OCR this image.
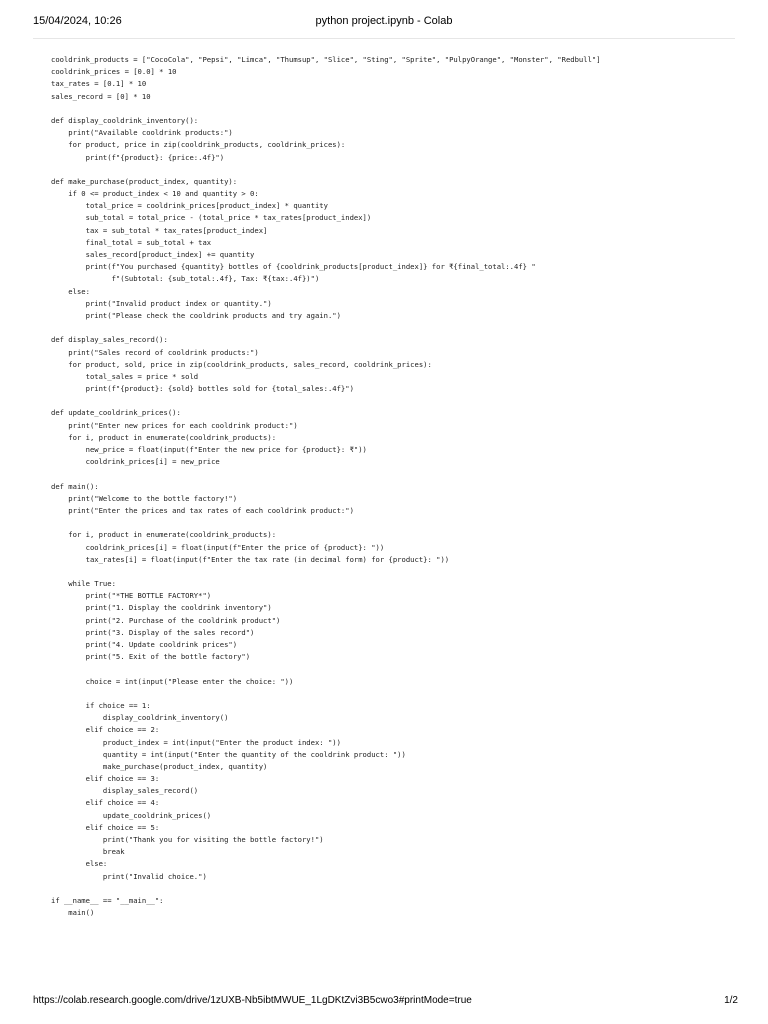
15/04/2024, 10:26	python project.ipynb - Colab
cooldrink_products = ["CocoCola", "Pepsi", "Limca", "Thumsup", "Slice", "Sting", "Sprite", "PulpyOrange", "Monster", "Redbull"]
cooldrink_prices = [0.0] * 10
tax_rates = [0.1] * 10
sales_record = [0] * 10
def display_cooldrink_inventory():
print("Available cooldrink products:")
for product, price in zip(cooldrink_products, cooldrink_prices):
print(f"{product}: {price:.4f}")
def make_purchase(product_index, quantity):
if 0 <= product_index < 10 and quantity > 0:
total_price = cooldrink_prices[product_index] * quantity
sub_total = total_price - (total_price * tax_rates[product_index])
tax = sub_total * tax_rates[product_index]
final_total = sub_total + tax
sales_record[product_index] += quantity
print(f"You purchased {quantity} bottles of {cooldrink_products[product_index]} for ₹{final_total:.4f} "
f"(Subtotal: {sub_total:.4f}, Tax: ₹{tax:.4f})")
else:
print("Invalid product index or quantity.")
print("Please check the cooldrink products and try again.")
def display_sales_record():
print("Sales record of cooldrink products:")
for product, sold, price in zip(cooldrink_products, sales_record, cooldrink_prices):
total_sales = price * sold
print(f"{product}: {sold} bottles sold for {total_sales:.4f}")
def update_cooldrink_prices():
print("Enter new prices for each cooldrink product:")
for i, product in enumerate(cooldrink_products):
new_price = float(input(f"Enter the new price for {product}: ₹"))
cooldrink_prices[i] = new_price
def main():
print("Welcome to the bottle factory!")
print("Enter the prices and tax rates of each cooldrink product:")
for i, product in enumerate(cooldrink_products):
cooldrink_prices[i] = float(input(f"Enter the price of {product}: "))
tax_rates[i] = float(input(f"Enter the tax rate (in decimal form) for {product}: "))
while True:
print("*THE BOTTLE FACTORY*")
print("1. Display the cooldrink inventory")
print("2. Purchase of the cooldrink product")
print("3. Display of the sales record")
print("4. Update cooldrink prices")
print("5. Exit of the bottle factory")
choice = int(input("Please enter the choice: "))
if choice == 1:
display_cooldrink_inventory()
elif choice == 2:
product_index = int(input("Enter the product index: "))
quantity = int(input("Enter the quantity of the cooldrink product: "))
make_purchase(product_index, quantity)
elif choice == 3:
display_sales_record()
elif choice == 4:
update_cooldrink_prices()
elif choice == 5:
print("Thank you for visiting the bottle factory!")
break
else:
print("Invalid choice.")
if __name__ == "__main__":
main()
https://colab.research.google.com/drive/1zUXB-Nb5ibtMWUE_1LgDKtZvi3B5cwo3#printMode=true	1/2
